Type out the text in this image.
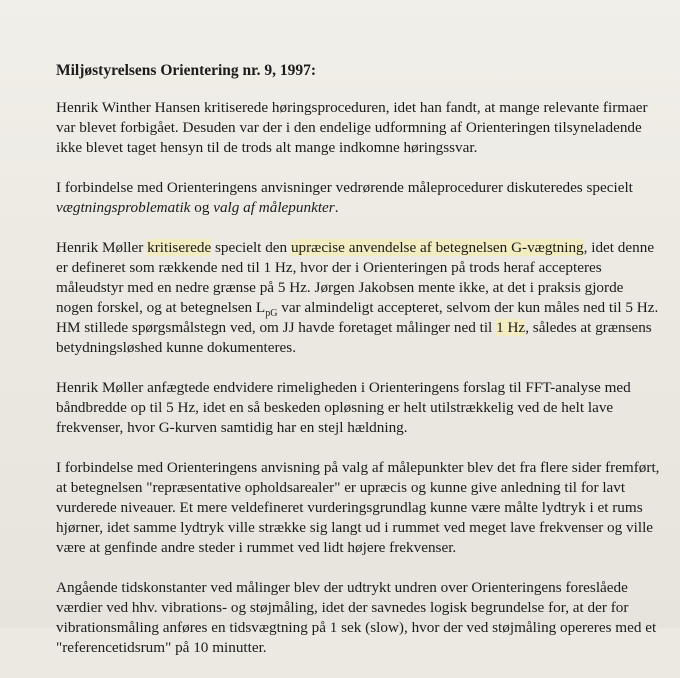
Miljøstyrelsens Orientering nr. 9, 1997:

Henrik Winther Hansen kritiserede høringsproceduren, idet han fandt, at mange relevante firmaer var blevet forbigået. Desuden var der i den endelige udformning af Orienteringen tilsyneladende ikke blevet taget hensyn til de trods alt mange indkomne høringssvar.

I forbindelse med Orienteringens anvisninger vedrørende måleprocedurer diskuteredes specielt vægtningsproblematik og valg af målepunkter.

Henrik Møller kritiserede specielt den upræcise anvendelse af betegnelsen G-vægtning, idet denne er defineret som rækkende ned til 1 Hz, hvor der i Orienteringen på trods heraf accepteres måleudstyr med en nedre grænse på 5 Hz. Jørgen Jakobsen mente ikke, at det i praksis gjorde nogen forskel, og at betegnelsen $L_{pG}$ var almindeligt accepteret, selvom der kun måles ned til 5 Hz. HM stillede spørgsmålstegn ved, om JJ havde foretaget målinger ned til 1 Hz, således at grænsens betydningsløshed kunne dokumenteres.

Henrik Møller anfægtede endvidere rimeligheden i Orienteringens forslag til FFT-analyse med båndbredde op til 5 Hz, idet en så beskeden opløsning er helt utilstrækkelig ved de helt lave frekvenser, hvor G-kurven samtidig har en stejl hældning.

I forbindelse med Orienteringens anvisning på valg af målepunkter blev det fra flere sider fremført, at betegnelsen "repræsentative opholdsarealer" er upræcis og kunne give anledning til for lavt vurderede niveauer. Et mere veldefineret vurderingsgrundlag kunne være målte lydtryk i et rums hjørner, idet samme lydtryk ville strække sig langt ud i rummet ved meget lave frekvenser og ville være at genfinde andre steder i rummet ved lidt højere frekvenser.

Angående tidskonstanter ved målinger blev der udtrykt undren over Orienteringens foreslåede værdier ved hhv. vibrations- og støjmåling, idet der savnedes logisk begrundelse for, at der for vibrationsmåling anføres en tidsvægtning på 1 sek (slow), hvor der ved støjmåling opereres med et "referencetidsrum" på 10 minutter.
